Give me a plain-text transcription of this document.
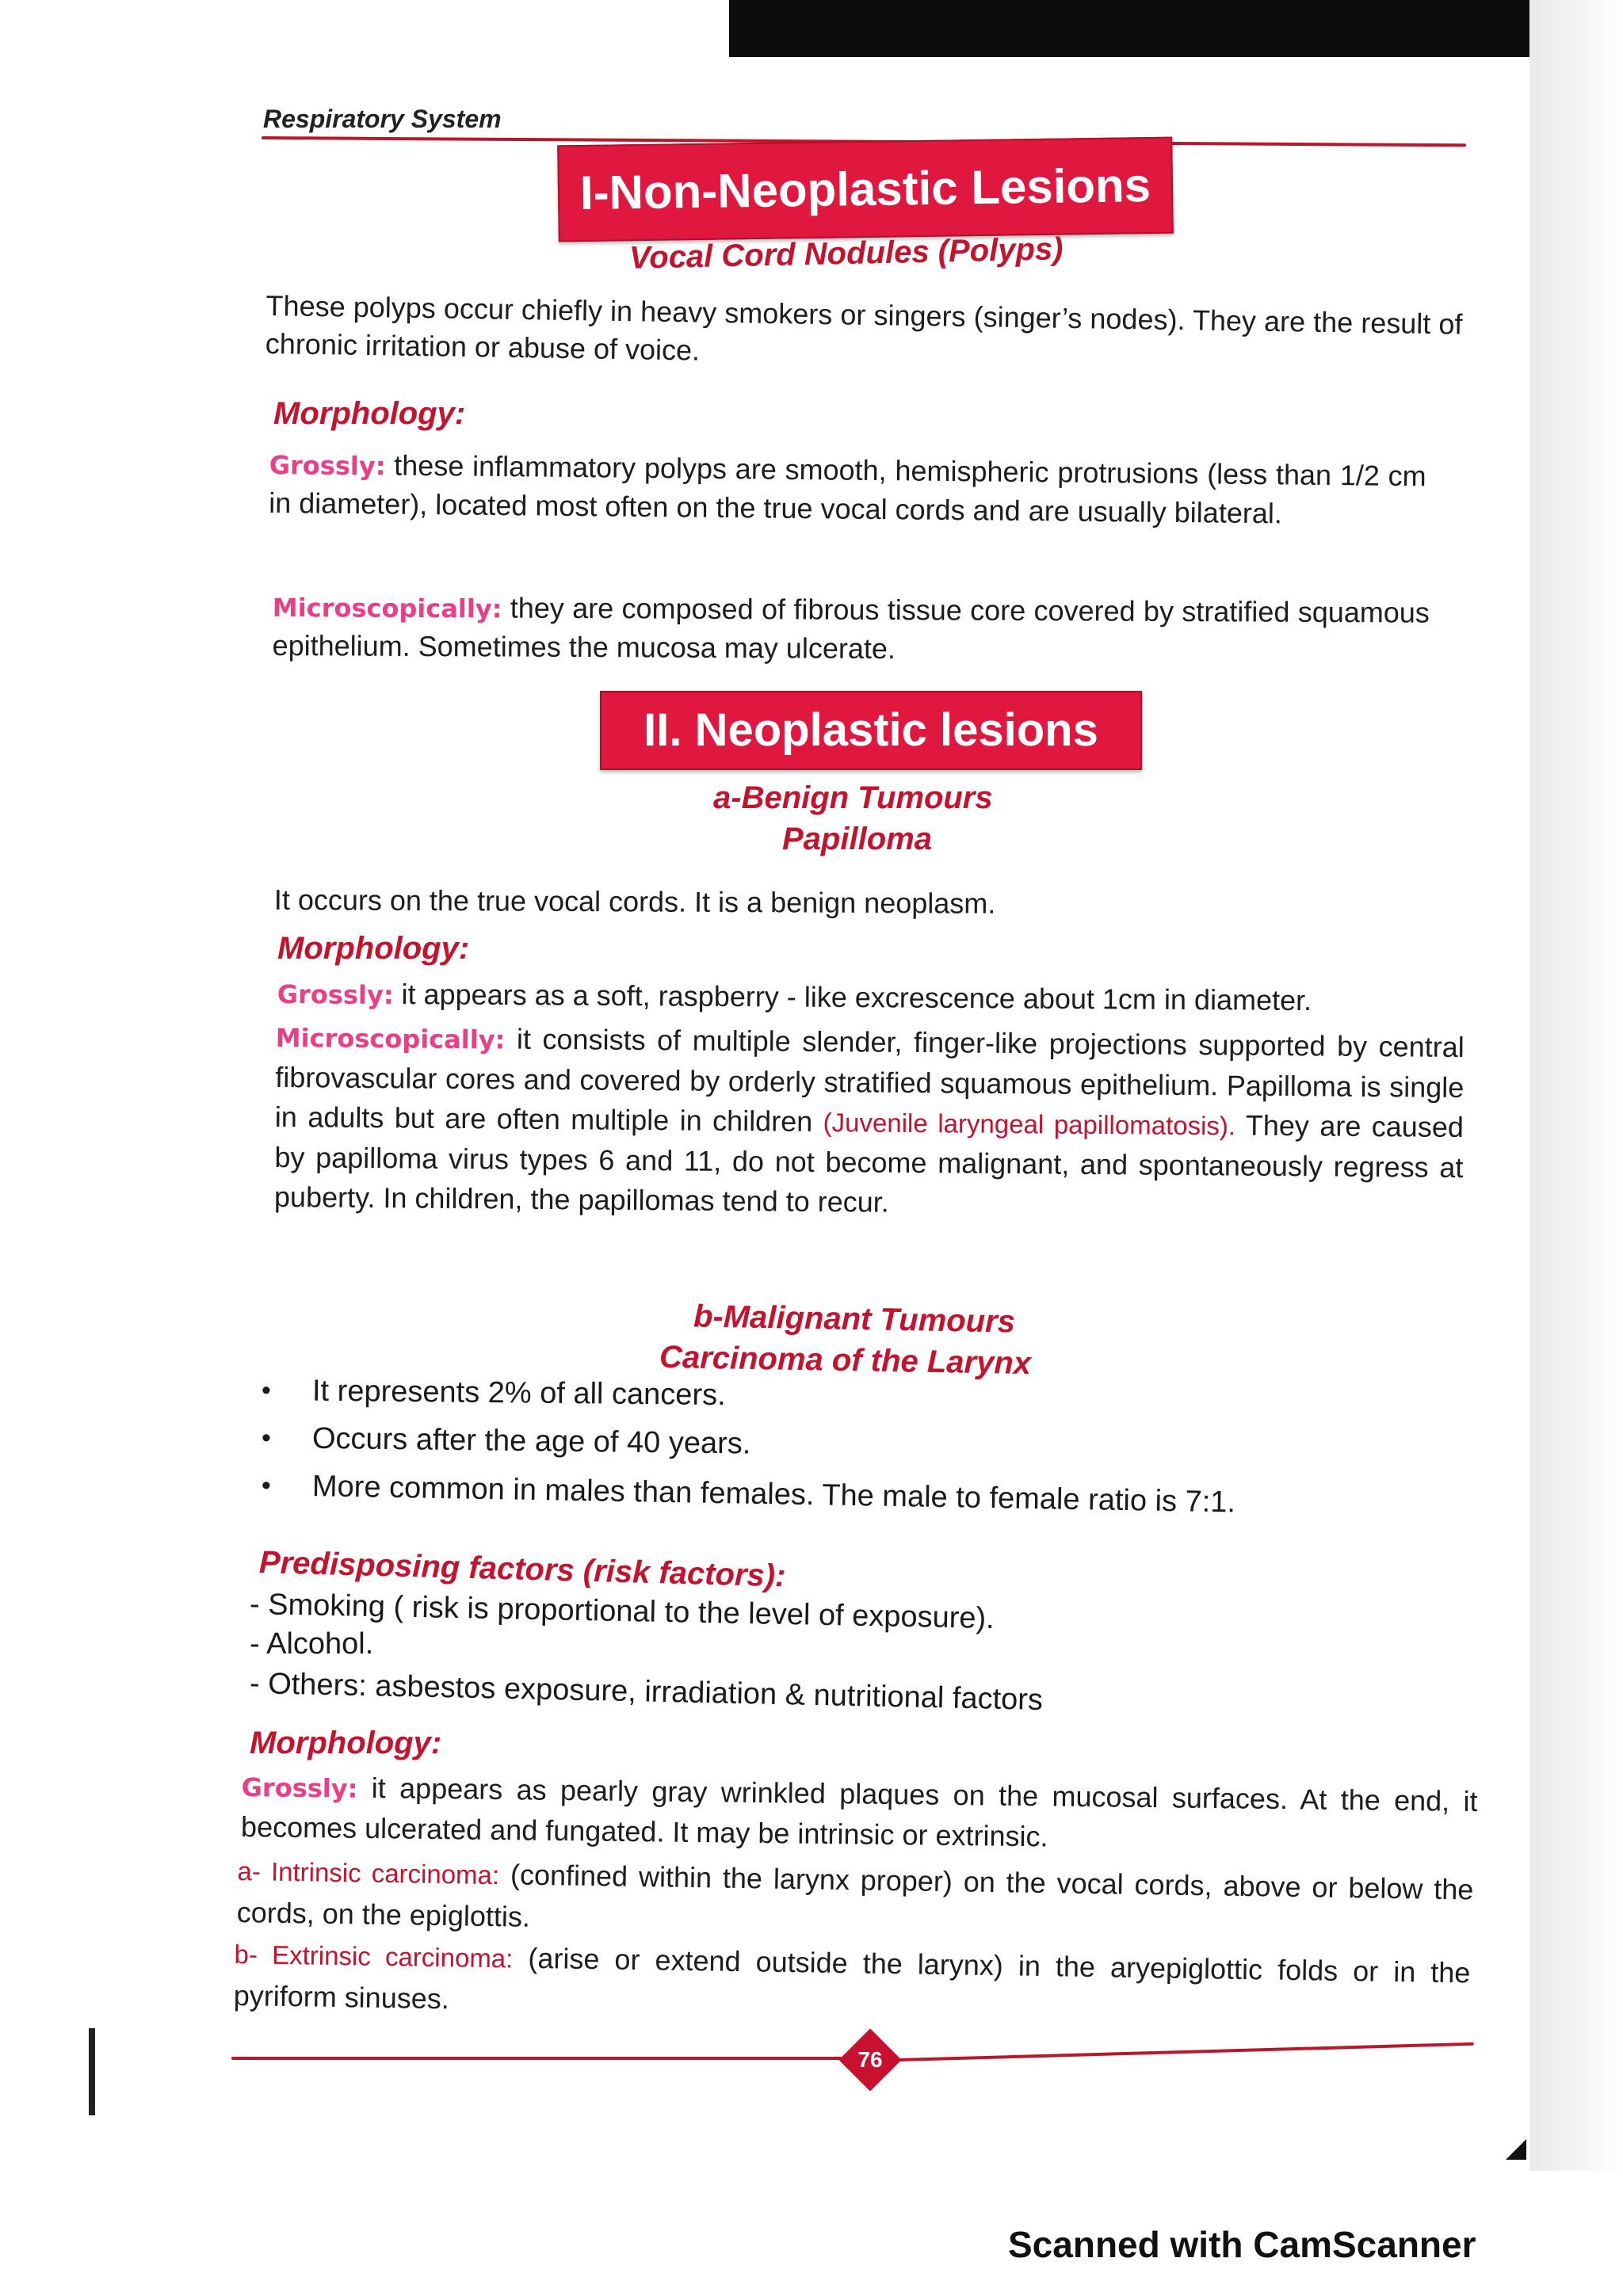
Respiratory System
I-Non-Neoplastic Lesions
Vocal Cord Nodules (Polyps)
These polyps occur chiefly in heavy smokers or singers (singer’s nodes). They are the result of chronic irritation or abuse of voice.
Morphology:
Grossly: these inflammatory polyps are smooth, hemispheric protrusions (less than 1/2 cm in diameter), located most often on the true vocal cords and are usually bilateral.
Microscopically: they are composed of fibrous tissue core covered by stratified squamous epithelium. Sometimes the mucosa may ulcerate.
II. Neoplastic lesions
a-Benign Tumours
Papilloma
It occurs on the true vocal cords. It is a benign neoplasm.
Morphology:
Grossly: it appears as a soft, raspberry - like excrescence about 1cm in diameter.
Microscopically: it consists of multiple slender, finger-like projections supported by central fibrovascular cores and covered by orderly stratified squamous epithelium. Papilloma is single in adults but are often multiple in children (Juvenile laryngeal papillomatosis). They are caused by papilloma virus types 6 and 11, do not become malignant, and spontaneously regress at puberty. In children, the papillomas tend to recur.
b-Malignant Tumours
Carcinoma of the Larynx
• It represents 2% of all cancers.
• Occurs after the age of 40 years.
• More common in males than females. The male to female ratio is 7:1.
Predisposing factors (risk factors):
- Smoking ( risk is proportional to the level of exposure).
- Alcohol.
- Others: asbestos exposure, irradiation & nutritional factors
Morphology:
Grossly: it appears as pearly gray wrinkled plaques on the mucosal surfaces. At the end, it becomes ulcerated and fungated. It may be intrinsic or extrinsic.
a- Intrinsic carcinoma: (confined within the larynx proper) on the vocal cords, above or below the cords, on the epiglottis.
b- Extrinsic carcinoma: (arise or extend outside the larynx) in the aryepiglottic folds or in the pyriform sinuses.
76
Scanned with CamScanner
